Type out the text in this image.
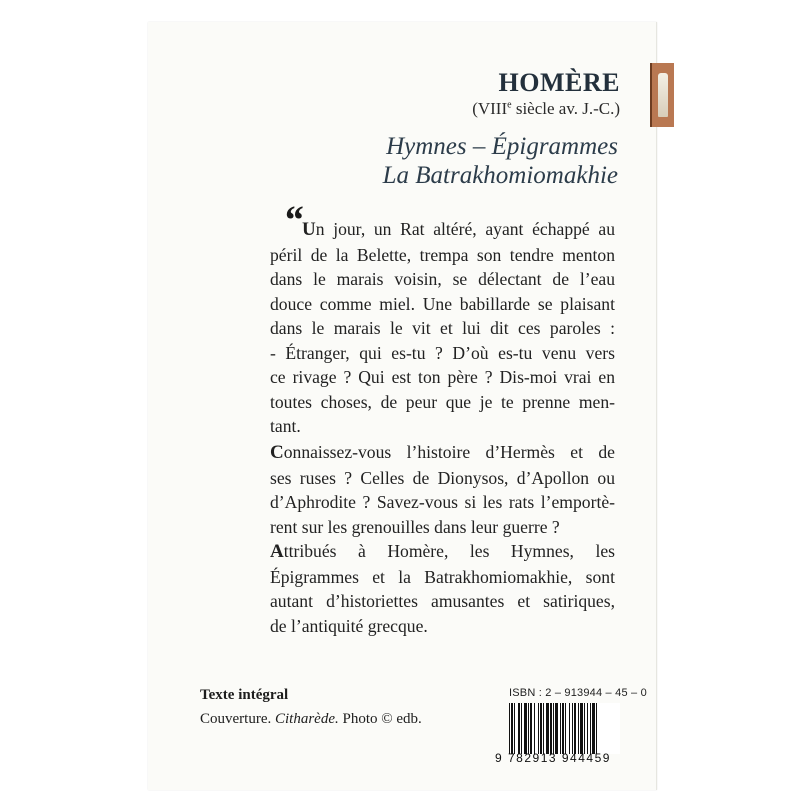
HOMÈRE
(VIIIe siècle av. J.-C.)
Hymnes – Épigrammes
La Batrakhomiomakhie
“ Un jour, un Rat altéré, ayant échappé au
péril de la Belette, trempa son tendre menton
dans le marais voisin, se délectant de l’eau
douce comme miel. Une babillarde se plaisant
dans le marais le vit et lui dit ces paroles :
- Étranger, qui es-tu ? D’où es-tu venu vers
ce rivage ? Qui est ton père ? Dis-moi vrai en
toutes choses, de peur que je te prenne men-
tant.
Connaissez-vous l’histoire d’Hermès et de
ses ruses ? Celles de Dionysos, d’Apollon ou
d’Aphrodite ? Savez-vous si les rats l’emportè-
rent sur les grenouilles dans leur guerre ?
Attribués à Homère, les Hymnes, les
Épigrammes et la Batrakhomiomakhie, sont
autant d’historiettes amusantes et satiriques,
de l’antiquité grecque.
Texte intégral
Couverture. Citharède. Photo © edb.
ISBN : 2 – 913944 – 45 – 0
9 782913 944459
